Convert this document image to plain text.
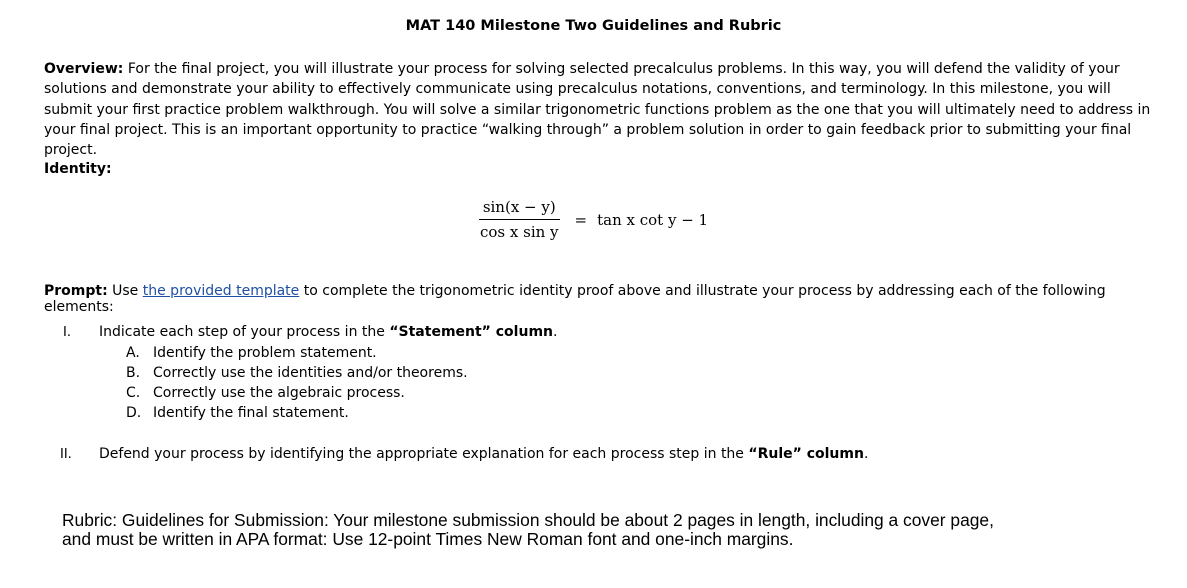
MAT 140 Milestone Two Guidelines and Rubric
Overview: For the final project, you will illustrate your process for solving selected precalculus problems. In this way, you will defend the validity of your solutions and demonstrate your ability to effectively communicate using precalculus notations, conventions, and terminology. In this milestone, you will submit your first practice problem walkthrough. You will solve a similar trigonometric functions problem as the one that you will ultimately need to address in your final project. This is an important opportunity to practice “walking through” a problem solution in order to gain feedback prior to submitting your final project.
Identity:
$\frac{\sin(x - y)}{\text{cos x sin y}} = \tan x$ cot y − 1
Prompt: Use the provided template to complete the trigonometric identity proof above and illustrate your process by addressing each of the following elements:
I. Indicate each step of your process in the “Statement” column.
A. Identify the problem statement.
B. Correctly use the identities and/or theorems.
C. Correctly use the algebraic process.
D. Identify the final statement.
II. Defend your process by identifying the appropriate explanation for each process step in the “Rule” column.
Rubric: Guidelines for Submission: Your milestone submission should be about 2 pages in length, including a cover page,
and must be written in APA format: Use 12-point Times New Roman font and one-inch margins.
